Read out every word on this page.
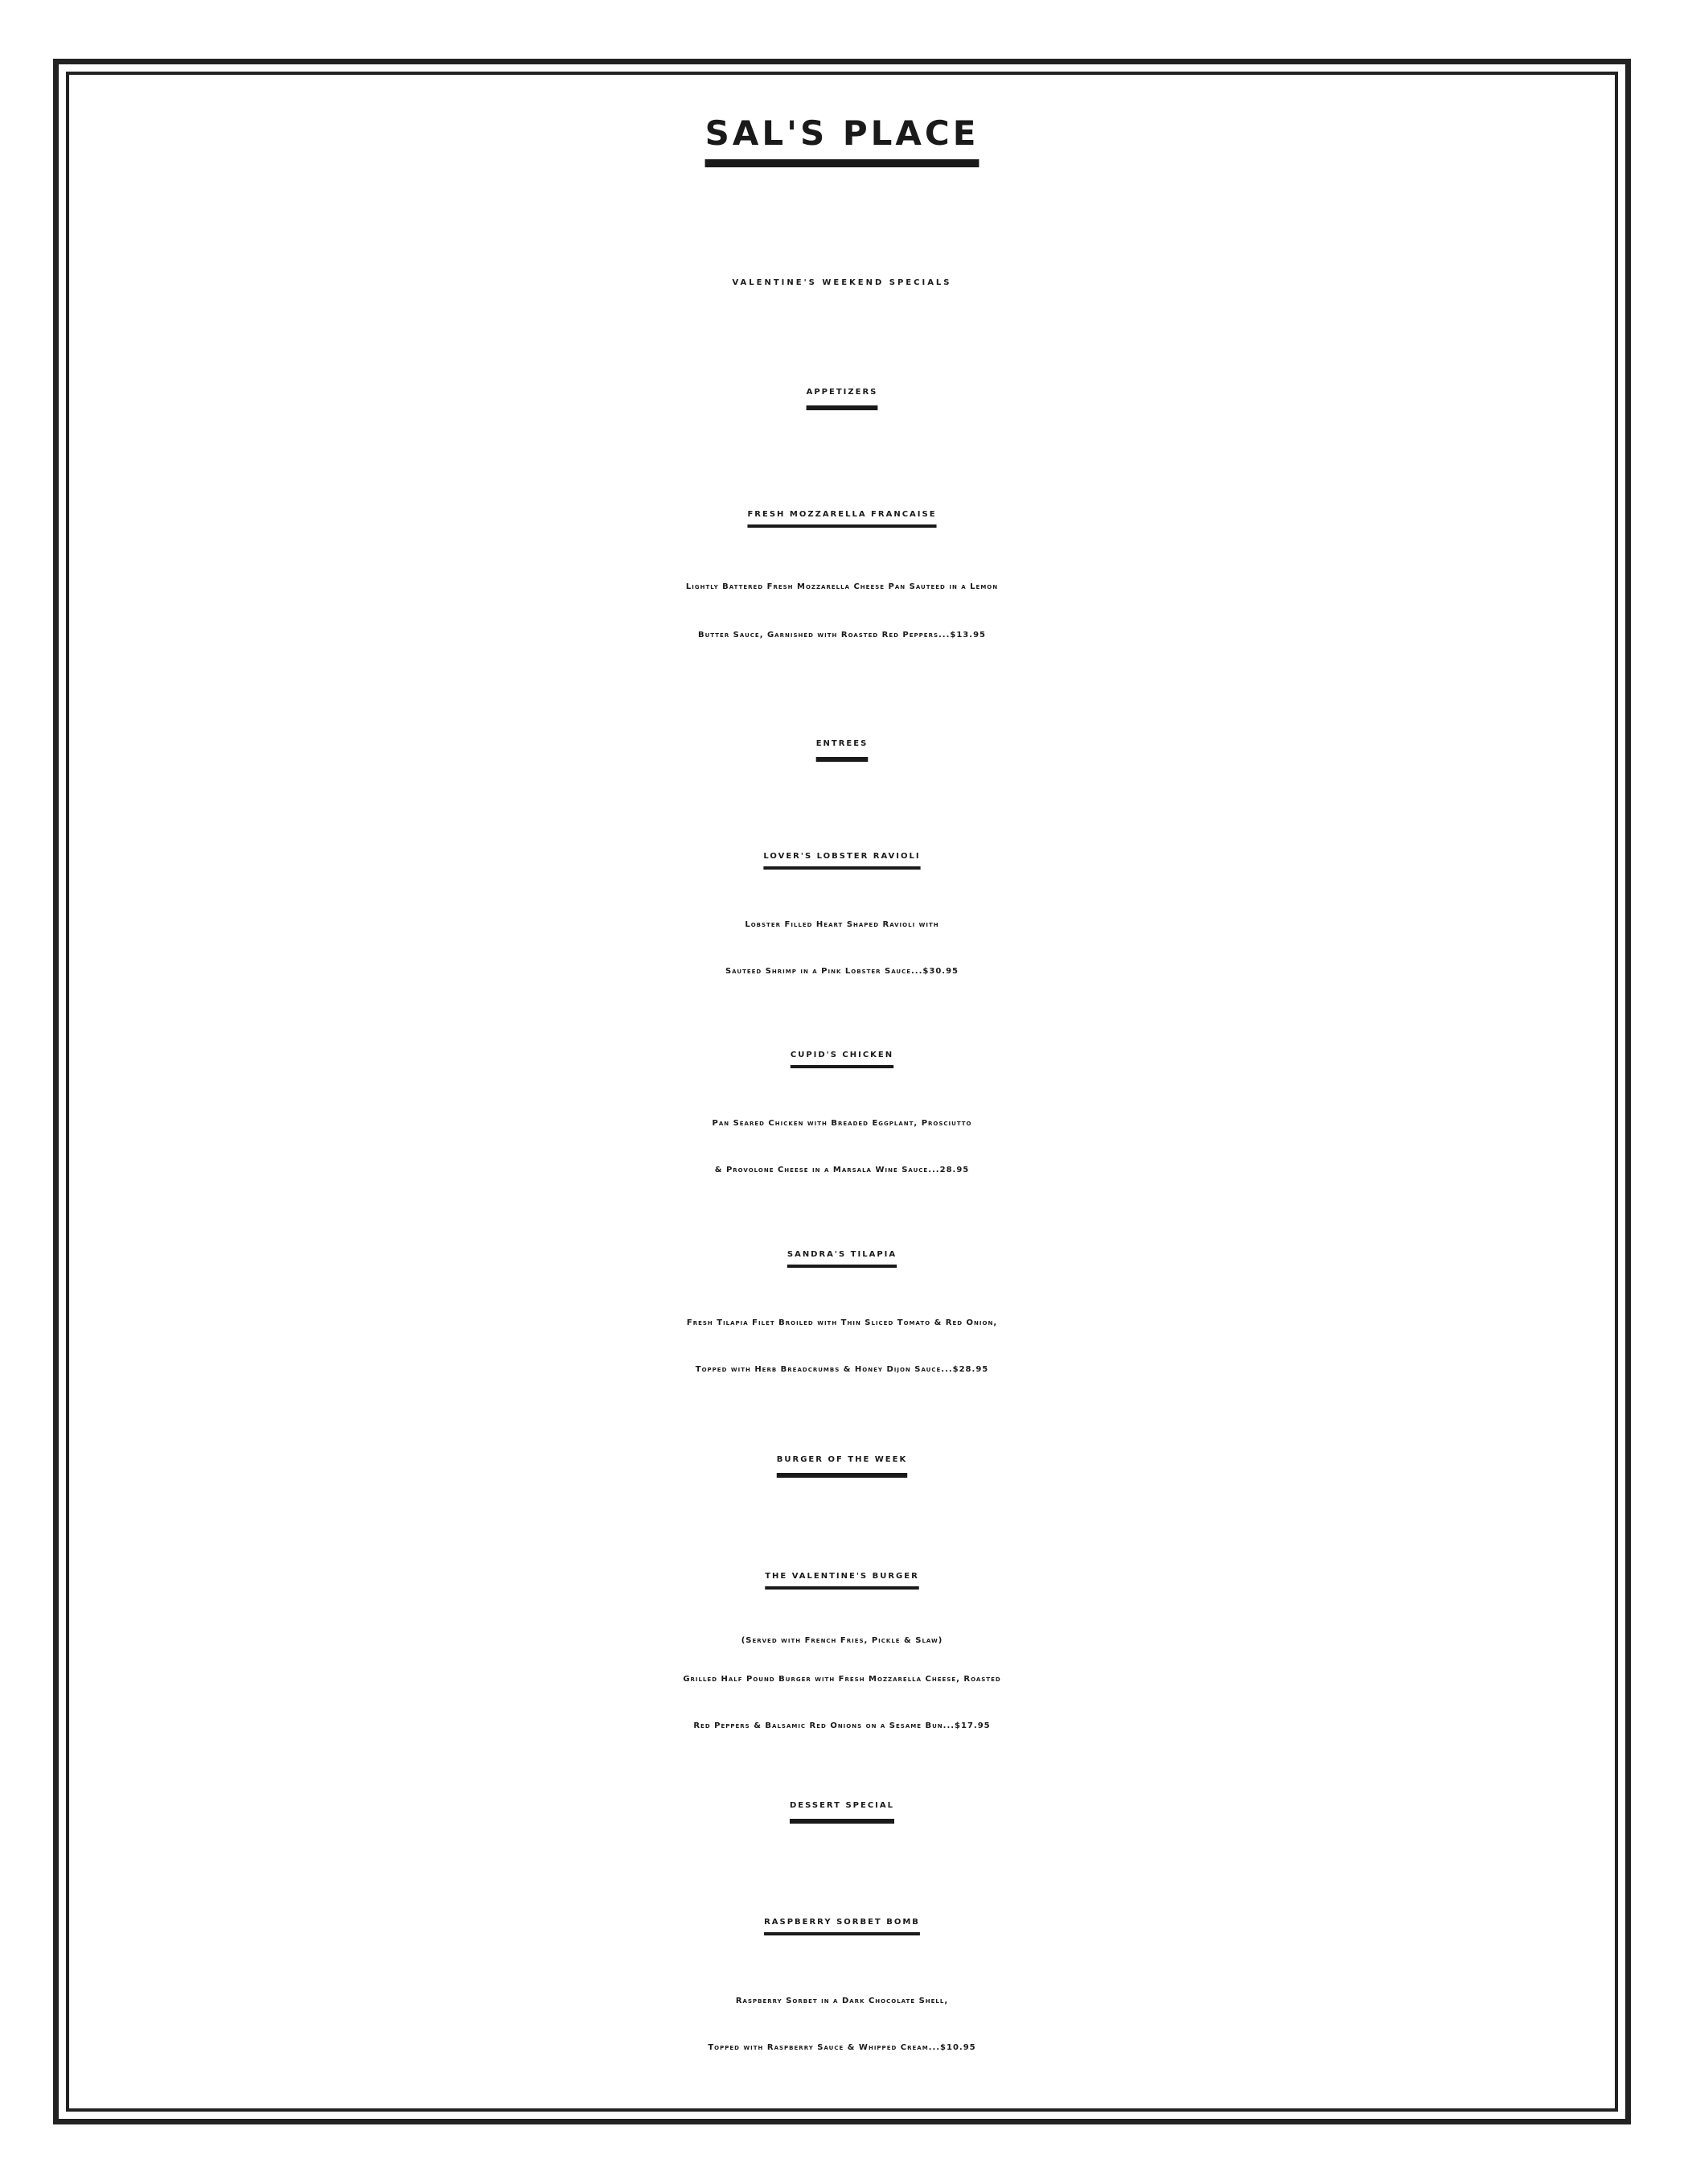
SAL'S PLACE
VALENTINE'S WEEKEND SPECIALS
APPETIZERS
FRESH MOZZARELLA FRANCAISE
Lightly Battered Fresh Mozzarella Cheese Pan Sauteed in a Lemon
Butter Sauce, Garnished with Roasted Red Peppers...$13.95
ENTREES
LOVER'S LOBSTER RAVIOLI
Lobster Filled Heart Shaped Ravioli with
Sauteed Shrimp in a Pink Lobster Sauce...$30.95
CUPID'S CHICKEN
Pan Seared Chicken with Breaded Eggplant, Prosciutto
& Provolone Cheese in a Marsala Wine Sauce...28.95
SANDRA'S TILAPIA
Fresh Tilapia Filet Broiled with Thin Sliced Tomato & Red Onion,
Topped with Herb Breadcrumbs & Honey Dijon Sauce...$28.95
BURGER OF THE WEEK
THE VALENTINE'S BURGER
(Served with French Fries, Pickle & Slaw)
Grilled Half Pound Burger with Fresh Mozzarella Cheese, Roasted
Red Peppers & Balsamic Red Onions on a Sesame Bun...$17.95
DESSERT SPECIAL
RASPBERRY SORBET BOMB
Raspberry Sorbet in a Dark Chocolate Shell,
Topped with Raspberry Sauce & Whipped Cream...$10.95
